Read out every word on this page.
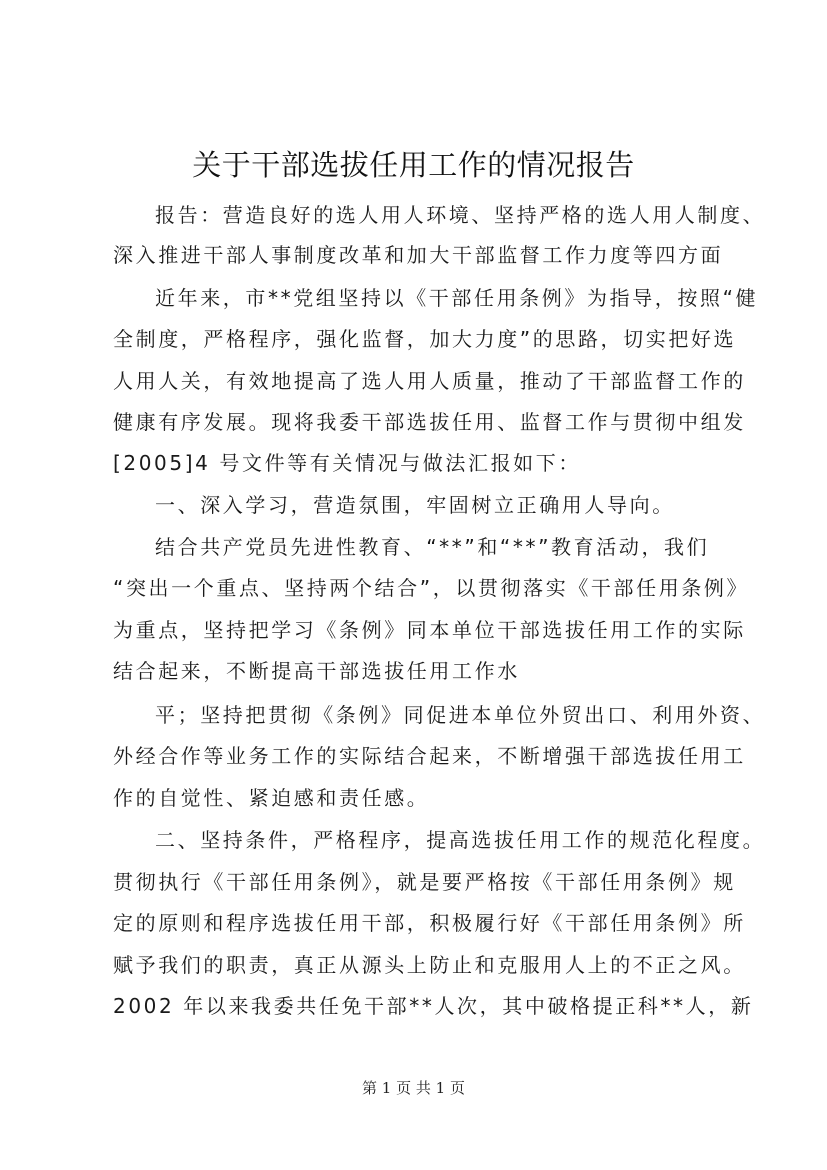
关于干部选拔任用工作的情况报告
报告：营造良好的选人用人环境、坚持严格的选人用人制度、
深入推进干部人事制度改革和加大干部监督工作力度等四方面
近年来，市**党组坚持以《干部任用条例》为指导，按照“健
全制度，严格程序，强化监督，加大力度”的思路，切实把好选
人用人关，有效地提高了选人用人质量，推动了干部监督工作的
健康有序发展。现将我委干部选拔任用、监督工作与贯彻中组发
[2005]4 号文件等有关情况与做法汇报如下：
一、深入学习，营造氛围，牢固树立正确用人导向。
结合共产党员先进性教育、“**”和“**”教育活动，我们
“突出一个重点、坚持两个结合”，以贯彻落实《干部任用条例》
为重点，坚持把学习《条例》同本单位干部选拔任用工作的实际
结合起来，不断提高干部选拔任用工作水
平；坚持把贯彻《条例》同促进本单位外贸出口、利用外资、
外经合作等业务工作的实际结合起来，不断增强干部选拔任用工
作的自觉性、紧迫感和责任感。
二、坚持条件，严格程序，提高选拔任用工作的规范化程度。
贯彻执行《干部任用条例》，就是要严格按《干部任用条例》规
定的原则和程序选拔任用干部，积极履行好《干部任用条例》所
赋予我们的职责，真正从源头上防止和克服用人上的不正之风。
2002 年以来我委共任免干部**人次，其中破格提正科**人，新
第 1 页 共 1 页
